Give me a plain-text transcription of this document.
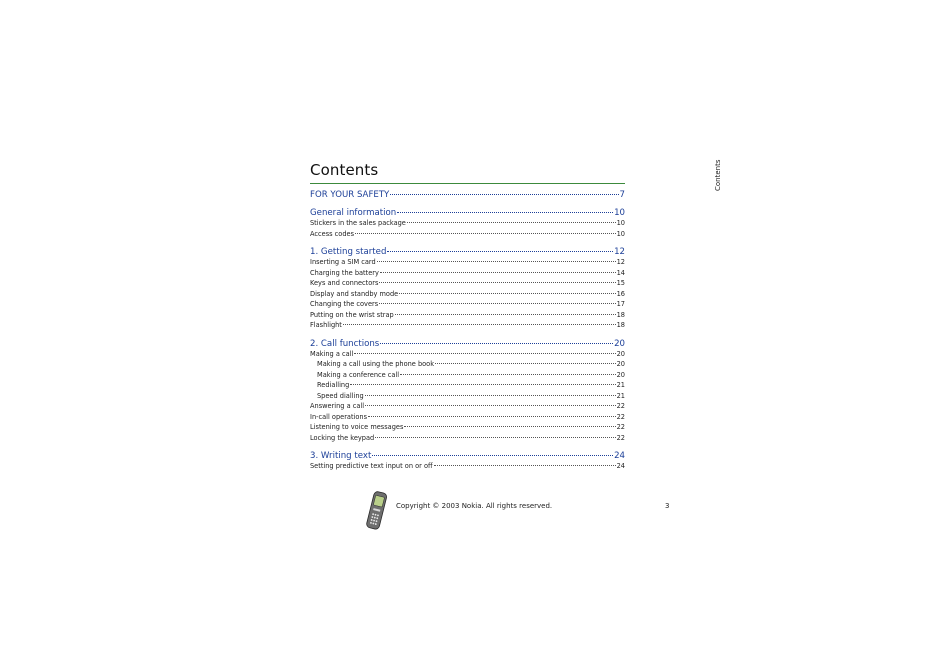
Contents
FOR YOUR SAFETY	7
General information	10
Stickers in the sales package	10
Access codes	10
1. Getting started	12
Inserting a SIM card	12
Charging the battery	14
Keys and connectors	15
Display and standby mode	16
Changing the covers	17
Putting on the wrist strap	18
Flashlight	18
2. Call functions	20
Making a call	20
Making a call using the phone book	20
Making a conference call	20
Redialling	21
Speed dialling	21
Answering a call	22
In-call operations	22
Listening to voice messages	22
Locking the keypad	22
3. Writing text	24
Setting predictive text input on or off	24
Contents
Copyright © 2003 Nokia. All rights reserved.	3
